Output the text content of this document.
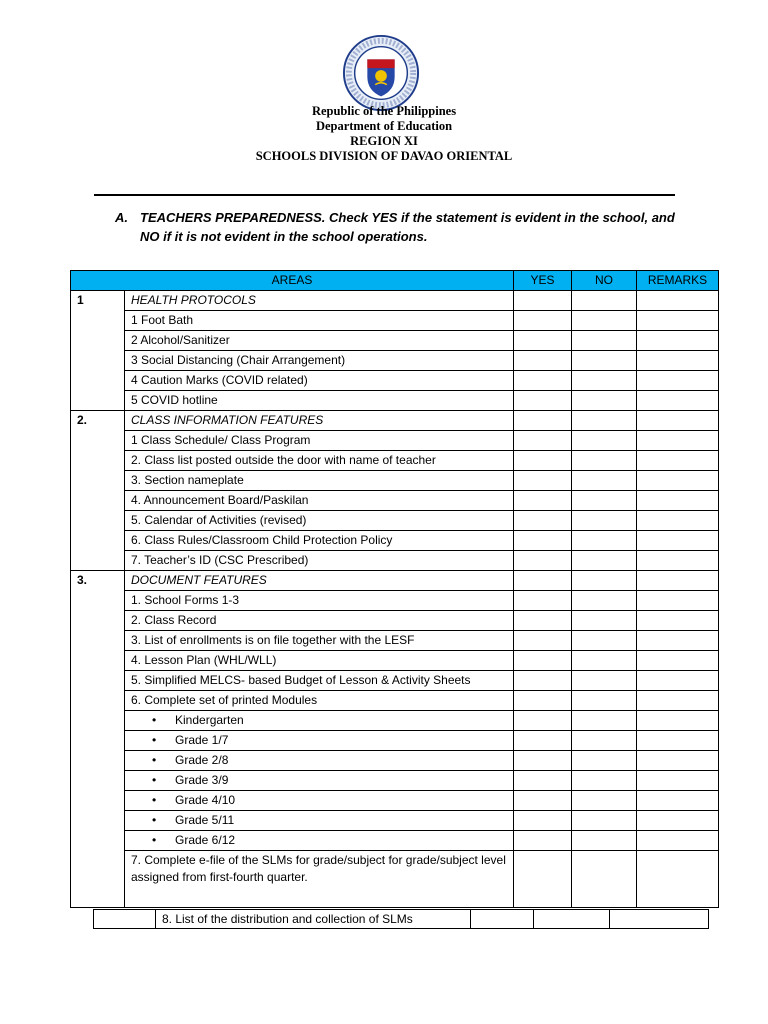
Republic of the Philippines
Department of Education
REGION XI
SCHOOLS DIVISION OF DAVAO ORIENTAL
A. TEACHERS PREPAREDNESS. Check YES if the statement is evident in the school, and NO if it is not evident in the school operations.
AREAS		YES	NO	REMARKS
1	HEALTH PROTOCOLS			
	1 Foot Bath			
	2 Alcohol/Sanitizer			
	3 Social Distancing (Chair Arrangement)			
	4 Caution Marks (COVID related)			
	5 COVID hotline			
2.	CLASS INFORMATION FEATURES			
	1 Class Schedule/ Class Program			
	2. Class list posted outside the door with name of teacher			
	3. Section nameplate			
	4. Announcement Board/Paskilan			
	5. Calendar of Activities (revised)			
	6. Class Rules/Classroom Child Protection Policy			
	7. Teacher’s ID (CSC Prescribed)			
3.	DOCUMENT FEATURES			
	1. School Forms 1-3			
	2. Class Record			
	3. List of enrollments is on file together with the LESF			
	4. Lesson Plan (WHL/WLL)			
	5. Simplified MELCS- based Budget of Lesson & Activity Sheets			
	6. Complete set of printed Modules			
	• Kindergarten			
	• Grade 1/7			
	• Grade 2/8			
	• Grade 3/9			
	• Grade 4/10			
	• Grade 5/11			
	• Grade 6/12			
	7. Complete e-file of the SLMs for grade/subject for grade/subject level assigned from first-fourth quarter.			
	8. List of the distribution and collection of SLMs			
